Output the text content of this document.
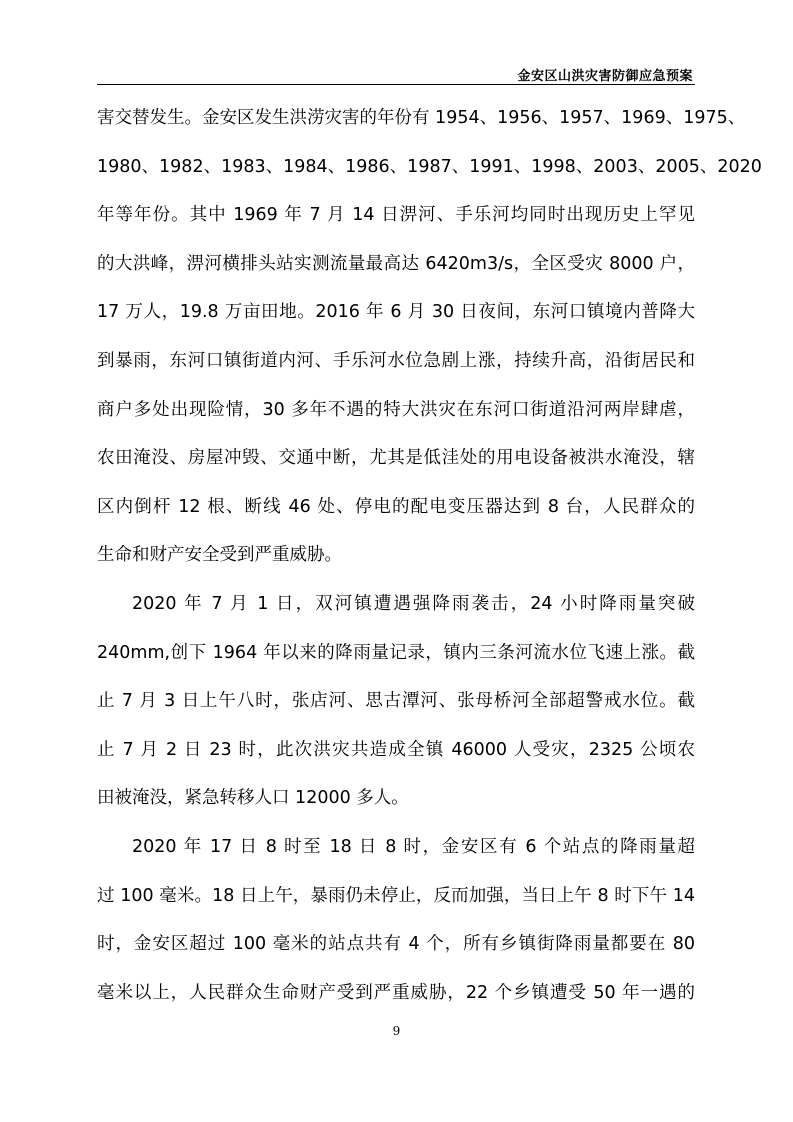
金安区山洪灾害防御应急预案
害交替发生。金安区发生洪涝灾害的年份有 1954、1956、1957、1969、1975、
1980、1982、1983、1984、1986、1987、1991、1998、2003、2005、2020
年等年份。其中 1969 年 7 月 14 日淠河、手乐河均同时出现历史上罕见
的大洪峰，淠河横排头站实测流量最高达 6420m3/s，全区受灾 8000 户，
17 万人，19.8 万亩田地。2016 年 6 月 30 日夜间，东河口镇境内普降大
到暴雨，东河口镇街道内河、手乐河水位急剧上涨，持续升高，沿街居民和
商户多处出现险情，30 多年不遇的特大洪灾在东河口街道沿河两岸肆虐，
农田淹没、房屋冲毁、交通中断，尤其是低洼处的用电设备被洪水淹没，辖
区内倒杆 12 根、断线 46 处、停电的配电变压器达到 8 台，人民群众的
生命和财产安全受到严重威胁。
2020 年 7 月 1 日，双河镇遭遇强降雨袭击，24 小时降雨量突破
240mm,创下 1964 年以来的降雨量记录，镇内三条河流水位飞速上涨。截
止 7 月 3 日上午八时，张店河、思古潭河、张母桥河全部超警戒水位。截
止 7 月 2 日 23 时，此次洪灾共造成全镇 46000 人受灾，2325 公顷农
田被淹没，紧急转移人口 12000 多人。
2020 年 17 日 8 时至 18 日 8 时，金安区有 6 个站点的降雨量超
过 100 毫米。18 日上午，暴雨仍未停止，反而加强，当日上午 8 时下午 14
时，金安区超过 100 毫米的站点共有 4 个，所有乡镇街降雨量都要在 80
毫米以上，人民群众生命财产受到严重威胁，22 个乡镇遭受 50 年一遇的
9
